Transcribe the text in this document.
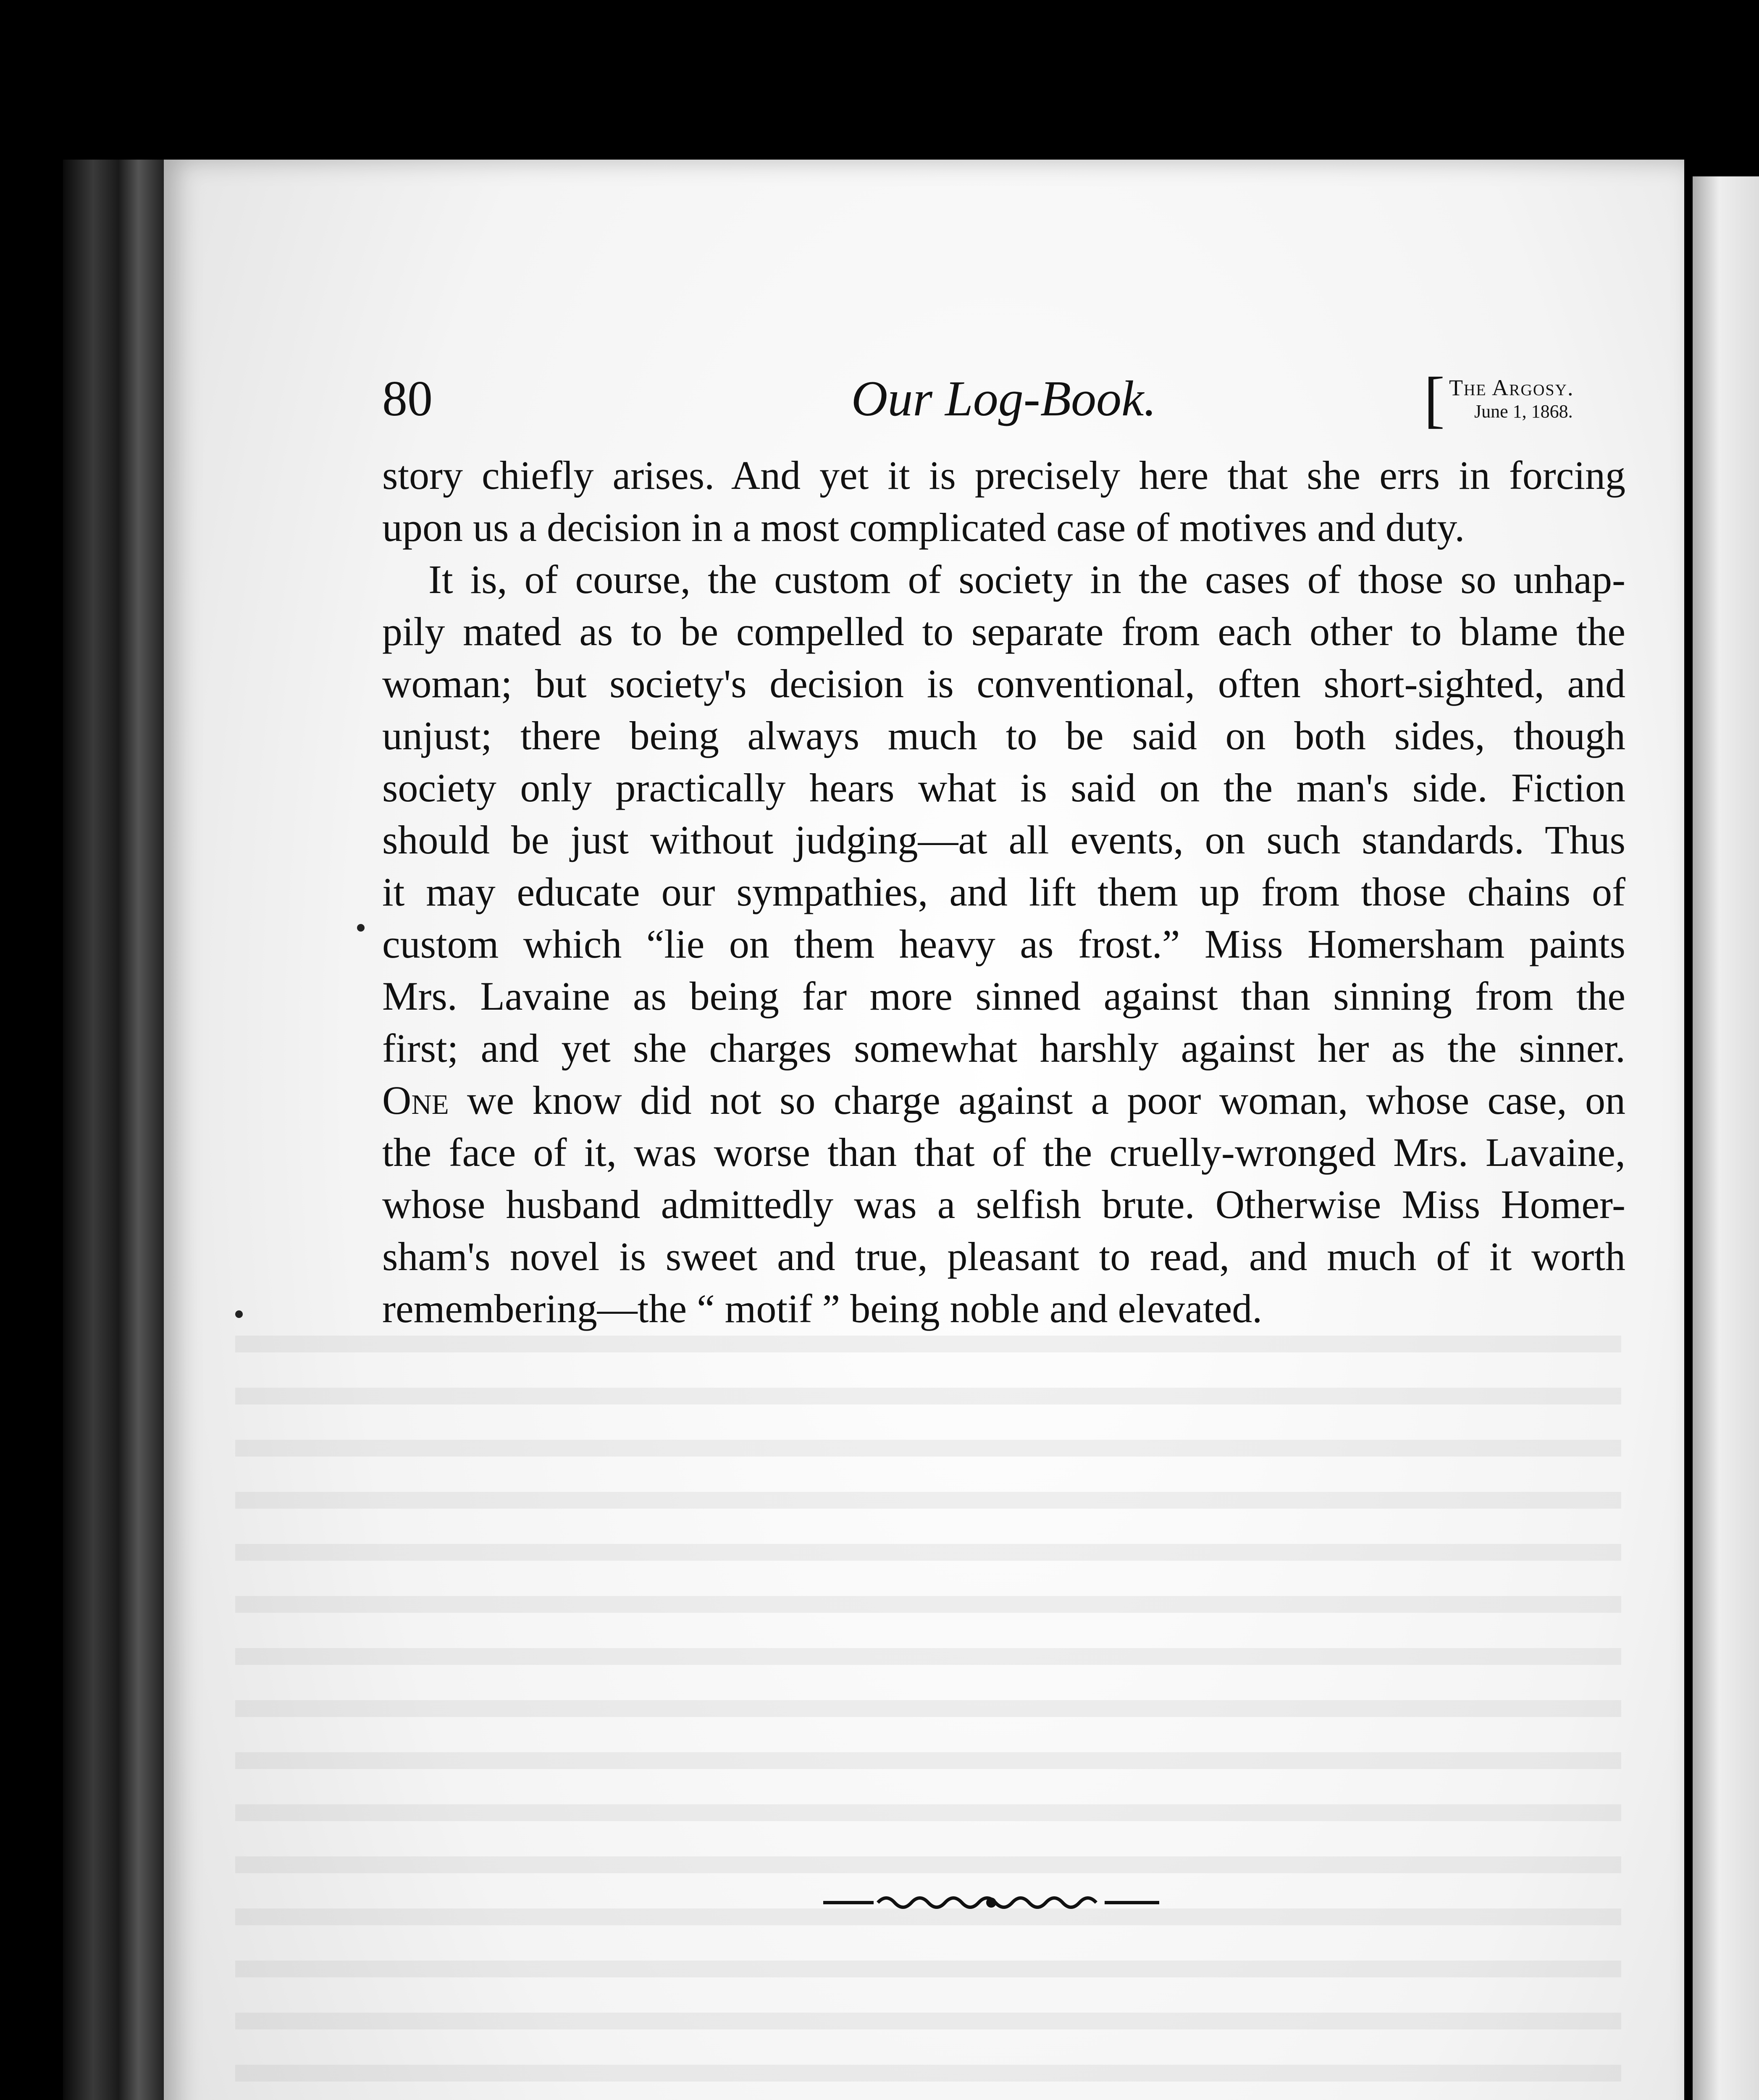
80	Our Log-Book.	[ The Argosy.
June 1, 1868.
story chiefly arises. And yet it is precisely here that she errs in forcing
upon us a decision in a most complicated case of motives and duty.
It is, of course, the custom of society in the cases of those so unhap-
pily mated as to be compelled to separate from each other to blame the
woman; but society's decision is conventional, often short-sighted, and
unjust; there being always much to be said on both sides, though
society only practically hears what is said on the man's side. Fiction
should be just without judging—at all events, on such standards. Thus
it may educate our sympathies, and lift them up from those chains of
custom which “lie on them heavy as frost.” Miss Homersham paints
Mrs. Lavaine as being far more sinned against than sinning from the
first; and yet she charges somewhat harshly against her as the sinner.
One we know did not so charge against a poor woman, whose case, on
the face of it, was worse than that of the cruelly-wronged Mrs. Lavaine,
whose husband admittedly was a selfish brute. Otherwise Miss Homer-
sham's novel is sweet and true, pleasant to read, and much of it worth
remembering—the “ motif ” being noble and elevated.
